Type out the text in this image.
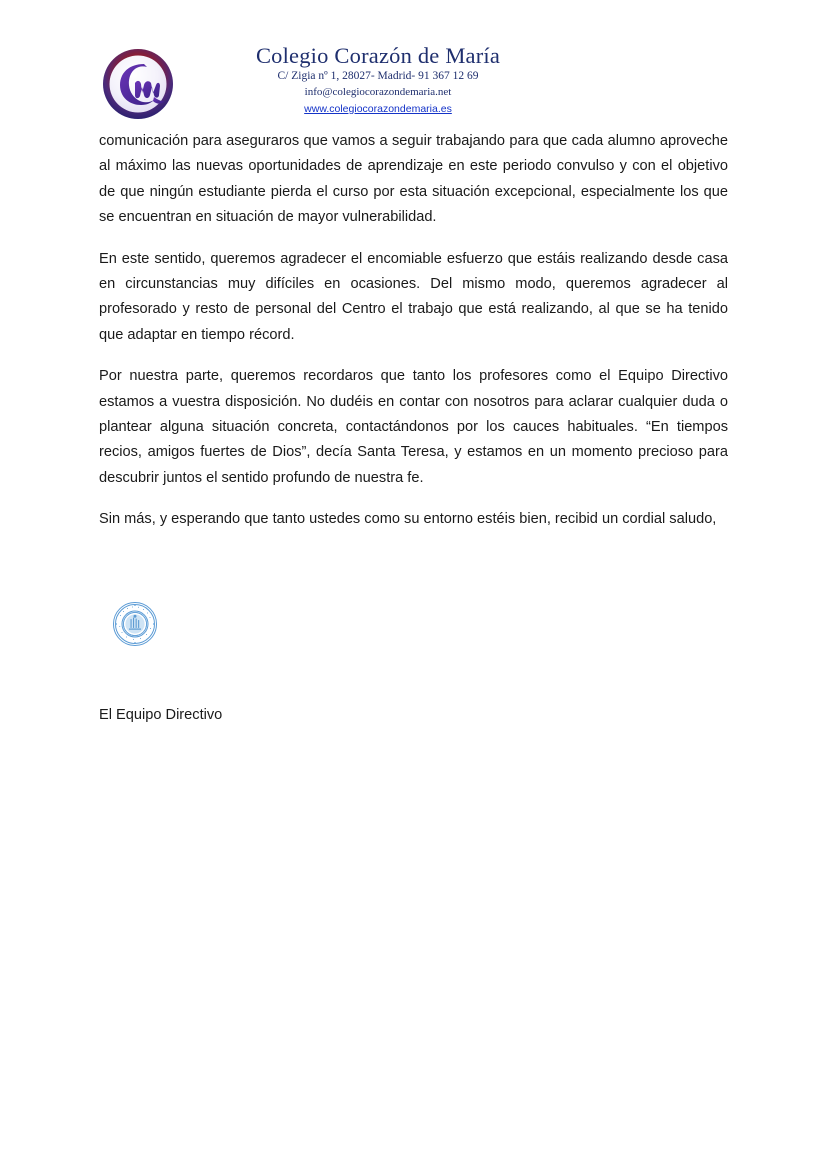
Colegio Corazón de María
C/ Zigia nº 1, 28027- Madrid- 91 367 12 69
info@colegiocorazondemaria.net
www.colegiocorazondemaria.es

comunicación para aseguraros que vamos a seguir trabajando para que cada alumno aproveche al máximo las nuevas oportunidades de aprendizaje en este periodo convulso y con el objetivo de que ningún estudiante pierda el curso por esta situación excepcional, especialmente los que se encuentran en situación de mayor vulnerabilidad.

En este sentido, queremos agradecer el encomiable esfuerzo que estáis realizando desde casa en circunstancias muy difíciles en ocasiones. Del mismo modo, queremos agradecer al profesorado y resto de personal del Centro el trabajo que está realizando, al que se ha tenido que adaptar en tiempo récord.

Por nuestra parte, queremos recordaros que tanto los profesores como el Equipo Directivo estamos a vuestra disposición. No dudéis en contar con nosotros para aclarar cualquier duda o plantear alguna situación concreta, contactándonos por los cauces habituales. “En tiempos recios, amigos fuertes de Dios”, decía Santa Teresa, y estamos en un momento precioso para descubrir juntos el sentido profundo de nuestra fe.

Sin más, y esperando que tanto ustedes como su entorno estéis bien, recibid un cordial saludo,

El Equipo Directivo
